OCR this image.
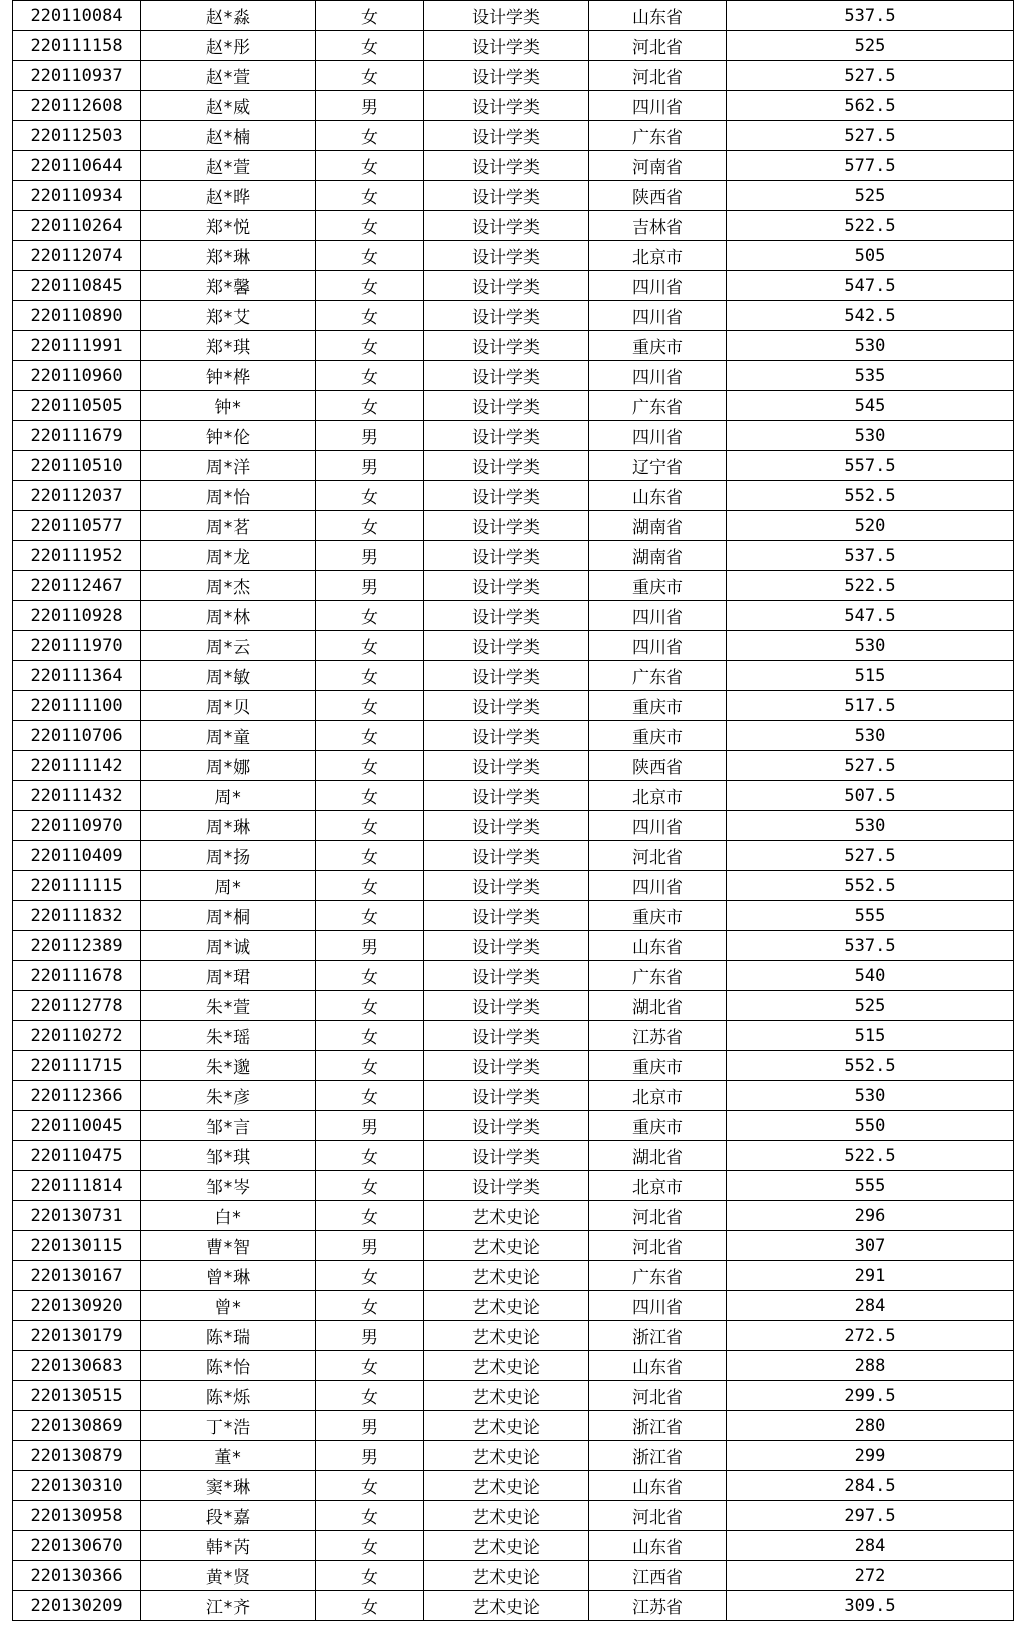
220110084	赵*淼	女	设计学类	山东省	537.5
220111158	赵*彤	女	设计学类	河北省	525
220110937	赵*萱	女	设计学类	河北省	527.5
220112608	赵*威	男	设计学类	四川省	562.5
220112503	赵*楠	女	设计学类	广东省	527.5
220110644	赵*萱	女	设计学类	河南省	577.5
220110934	赵*晔	女	设计学类	陕西省	525
220110264	郑*悦	女	设计学类	吉林省	522.5
220112074	郑*琳	女	设计学类	北京市	505
220110845	郑*馨	女	设计学类	四川省	547.5
220110890	郑*艾	女	设计学类	四川省	542.5
220111991	郑*琪	女	设计学类	重庆市	530
220110960	钟*桦	女	设计学类	四川省	535
220110505	钟*	女	设计学类	广东省	545
220111679	钟*伦	男	设计学类	四川省	530
220110510	周*洋	男	设计学类	辽宁省	557.5
220112037	周*怡	女	设计学类	山东省	552.5
220110577	周*茗	女	设计学类	湖南省	520
220111952	周*龙	男	设计学类	湖南省	537.5
220112467	周*杰	男	设计学类	重庆市	522.5
220110928	周*林	女	设计学类	四川省	547.5
220111970	周*云	女	设计学类	四川省	530
220111364	周*敏	女	设计学类	广东省	515
220111100	周*贝	女	设计学类	重庆市	517.5
220110706	周*童	女	设计学类	重庆市	530
220111142	周*娜	女	设计学类	陕西省	527.5
220111432	周*	女	设计学类	北京市	507.5
220110970	周*琳	女	设计学类	四川省	530
220110409	周*扬	女	设计学类	河北省	527.5
220111115	周*	女	设计学类	四川省	552.5
220111832	周*桐	女	设计学类	重庆市	555
220112389	周*诚	男	设计学类	山东省	537.5
220111678	周*珺	女	设计学类	广东省	540
220112778	朱*萱	女	设计学类	湖北省	525
220110272	朱*瑶	女	设计学类	江苏省	515
220111715	朱*邈	女	设计学类	重庆市	552.5
220112366	朱*彦	女	设计学类	北京市	530
220110045	邹*言	男	设计学类	重庆市	550
220110475	邹*琪	女	设计学类	湖北省	522.5
220111814	邹*岑	女	设计学类	北京市	555
220130731	白*	女	艺术史论	河北省	296
220130115	曹*智	男	艺术史论	河北省	307
220130167	曾*琳	女	艺术史论	广东省	291
220130920	曾*	女	艺术史论	四川省	284
220130179	陈*瑞	男	艺术史论	浙江省	272.5
220130683	陈*怡	女	艺术史论	山东省	288
220130515	陈*烁	女	艺术史论	河北省	299.5
220130869	丁*浩	男	艺术史论	浙江省	280
220130879	董*	男	艺术史论	浙江省	299
220130310	窦*琳	女	艺术史论	山东省	284.5
220130958	段*嘉	女	艺术史论	河北省	297.5
220130670	韩*芮	女	艺术史论	山东省	284
220130366	黄*贤	女	艺术史论	江西省	272
220130209	江*齐	女	艺术史论	江苏省	309.5
